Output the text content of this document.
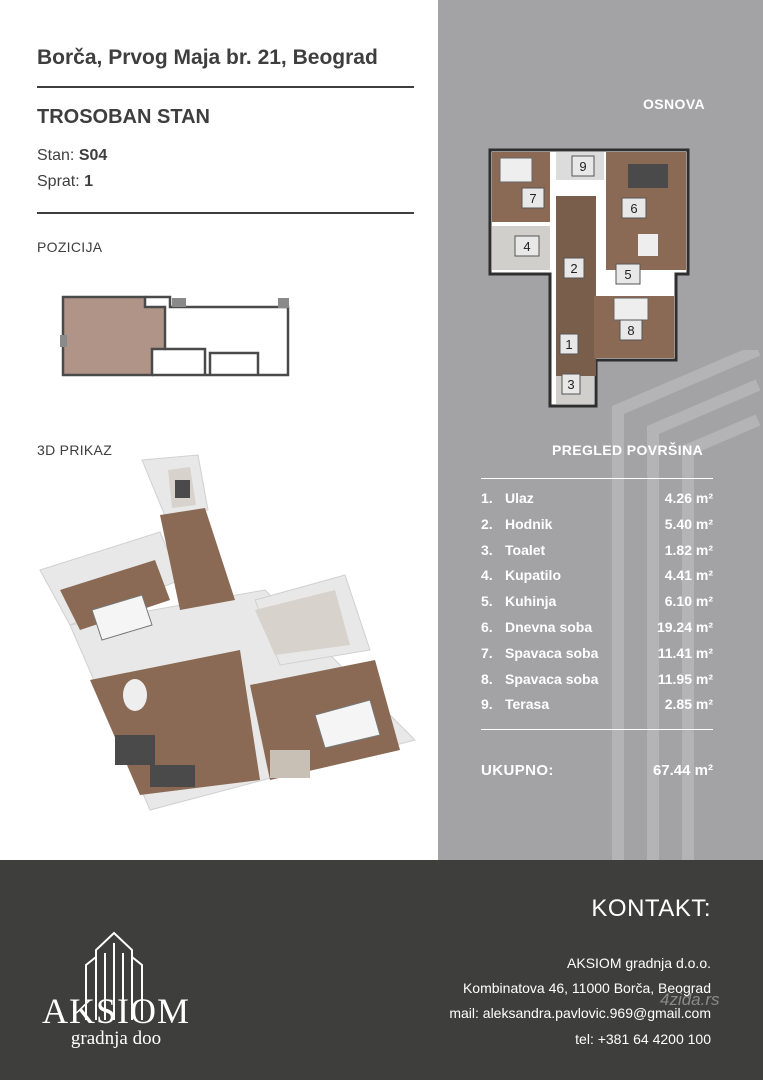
Borča, Prvog Maja br. 21, Beograd
TROSOBAN STAN
Stan: S04
Sprat: 1
POZICIJA
3D PRIKAZ
OSNOVA
1
2
3
4
5
6
7
8
9
PREGLED POVRŠINA
1. Ulaz	4.26 m²
2. Hodnik	5.40 m²
3. Toalet	1.82 m²
4. Kupatilo	4.41 m²
5. Kuhinja	6.10 m²
6. Dnevna soba	19.24 m²
7. Spavaca soba	11.41 m²
8. Spavaca soba	11.95 m²
9. Terasa	2.85 m²
UKUPNO:	67.44 m²
AKSIOM
gradnja doo
4zida.rs
KONTAKT:
AKSIOM gradnja d.o.o.
Kombinatova 46, 11000 Borča, Beograd
mail: aleksandra.pavlovic.969@gmail.com
tel: +381 64 4200 100
